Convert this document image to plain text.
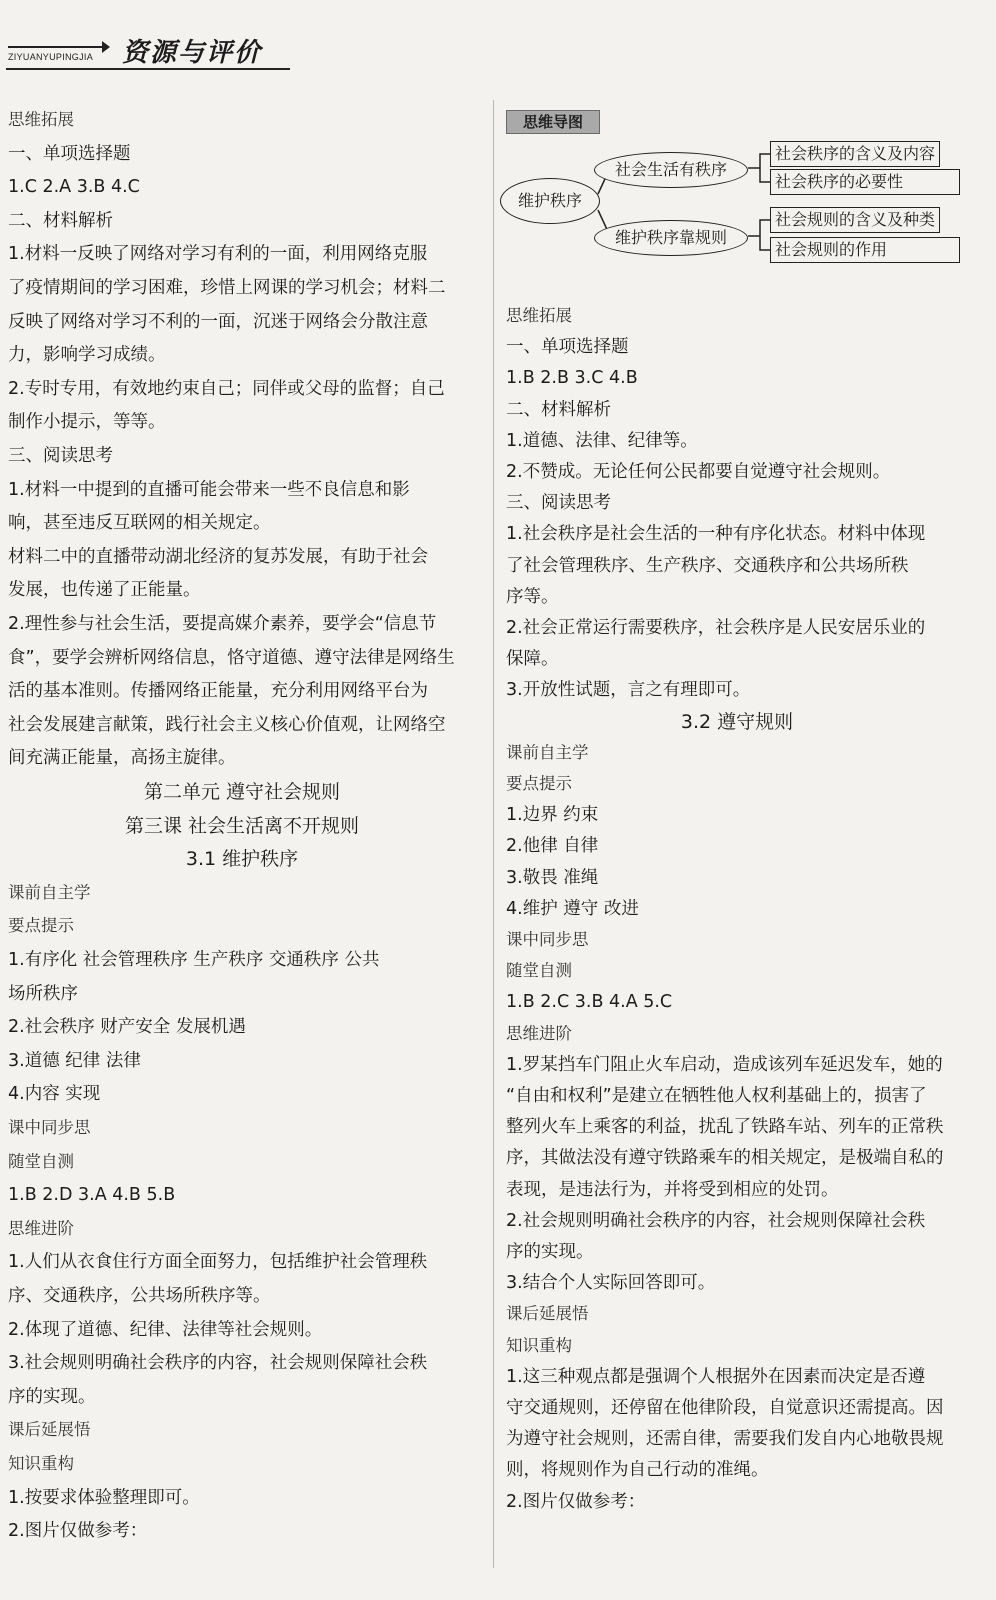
ZIYUANYUPINGJIA 资源与评价
思维拓展
一、单项选择题
1.C 2.A 3.B 4.C
二、材料解析
1.材料一反映了网络对学习有利的一面，利用网络克服
了疫情期间的学习困难，珍惜上网课的学习机会；材料二
反映了网络对学习不利的一面，沉迷于网络会分散注意
力，影响学习成绩。
2.专时专用，有效地约束自己；同伴或父母的监督；自己
制作小提示，等等。
三、阅读思考
1.材料一中提到的直播可能会带来一些不良信息和影
响，甚至违反互联网的相关规定。
材料二中的直播带动湖北经济的复苏发展，有助于社会
发展，也传递了正能量。
2.理性参与社会生活，要提高媒介素养，要学会“信息节
食”，要学会辨析网络信息，恪守道德、遵守法律是网络生
活的基本准则。传播网络正能量，充分利用网络平台为
社会发展建言献策，践行社会主义核心价值观，让网络空
间充满正能量，高扬主旋律。
第二单元 遵守社会规则
第三课 社会生活离不开规则
3.1 维护秩序
课前自主学
要点提示
1.有序化 社会管理秩序 生产秩序 交通秩序 公共
场所秩序
2.社会秩序 财产安全 发展机遇
3.道德 纪律 法律
4.内容 实现
课中同步思
随堂自测
1.B 2.D 3.A 4.B 5.B
思维进阶
1.人们从衣食住行方面全面努力，包括维护社会管理秩
序、交通秩序，公共场所秩序等。
2.体现了道德、纪律、法律等社会规则。
3.社会规则明确社会秩序的内容，社会规则保障社会秩
序的实现。
课后延展悟
知识重构
1.按要求体验整理即可。
2.图片仅做参考：
思维导图
维护秩序
社会生活有秩序
维护秩序靠规则
社会秩序的含义及内容
社会秩序的必要性
社会规则的含义及种类
社会规则的作用
思维拓展
一、单项选择题
1.B 2.B 3.C 4.B
二、材料解析
1.道德、法律、纪律等。
2.不赞成。无论任何公民都要自觉遵守社会规则。
三、阅读思考
1.社会秩序是社会生活的一种有序化状态。材料中体现
了社会管理秩序、生产秩序、交通秩序和公共场所秩
序等。
2.社会正常运行需要秩序，社会秩序是人民安居乐业的
保障。
3.开放性试题，言之有理即可。
3.2 遵守规则
课前自主学
要点提示
1.边界 约束
2.他律 自律
3.敬畏 准绳
4.维护 遵守 改进
课中同步思
随堂自测
1.B 2.C 3.B 4.A 5.C
思维进阶
1.罗某挡车门阻止火车启动，造成该列车延迟发车，她的
“自由和权利”是建立在牺牲他人权利基础上的，损害了
整列火车上乘客的利益，扰乱了铁路车站、列车的正常秩
序，其做法没有遵守铁路乘车的相关规定，是极端自私的
表现，是违法行为，并将受到相应的处罚。
2.社会规则明确社会秩序的内容，社会规则保障社会秩
序的实现。
3.结合个人实际回答即可。
课后延展悟
知识重构
1.这三种观点都是强调个人根据外在因素而决定是否遵
守交通规则，还停留在他律阶段，自觉意识还需提高。因
为遵守社会规则，还需自律，需要我们发自内心地敬畏规
则，将规则作为自己行动的准绳。
2.图片仅做参考：
